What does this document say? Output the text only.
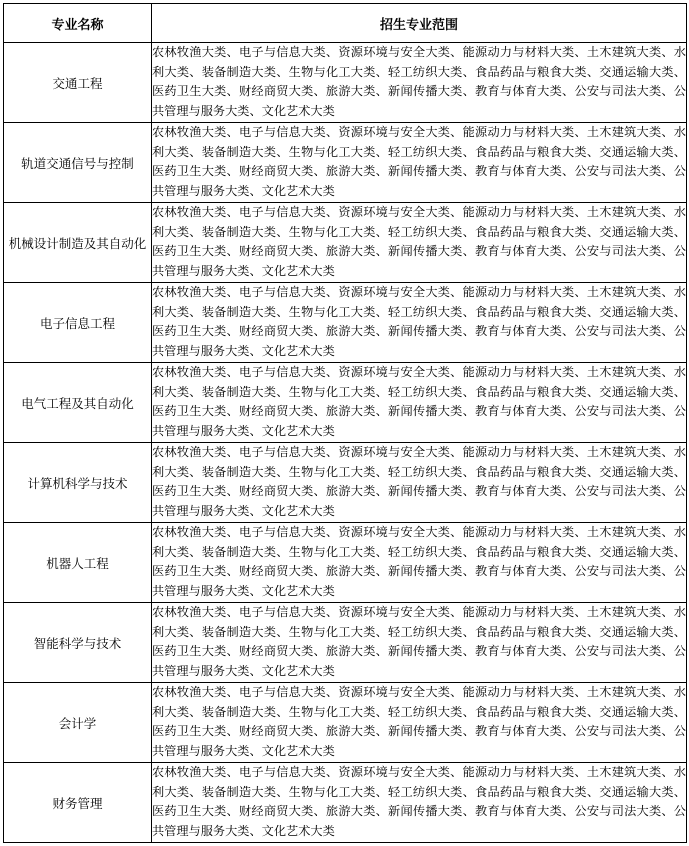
专业名称	招生专业范围
交通工程	农林牧渔大类、电子与信息大类、资源环境与安全大类、能源动力与材料大类、土木建筑大类、水利大类、装备制造大类、生物与化工大类、轻工纺织大类、食品药品与粮食大类、交通运输大类、医药卫生大类、财经商贸大类、旅游大类、新闻传播大类、教育与体育大类、公安与司法大类、公共管理与服务大类、文化艺术大类
轨道交通信号与控制	农林牧渔大类、电子与信息大类、资源环境与安全大类、能源动力与材料大类、土木建筑大类、水利大类、装备制造大类、生物与化工大类、轻工纺织大类、食品药品与粮食大类、交通运输大类、医药卫生大类、财经商贸大类、旅游大类、新闻传播大类、教育与体育大类、公安与司法大类、公共管理与服务大类、文化艺术大类
机械设计制造及其自动化	农林牧渔大类、电子与信息大类、资源环境与安全大类、能源动力与材料大类、土木建筑大类、水利大类、装备制造大类、生物与化工大类、轻工纺织大类、食品药品与粮食大类、交通运输大类、医药卫生大类、财经商贸大类、旅游大类、新闻传播大类、教育与体育大类、公安与司法大类、公共管理与服务大类、文化艺术大类
电子信息工程	农林牧渔大类、电子与信息大类、资源环境与安全大类、能源动力与材料大类、土木建筑大类、水利大类、装备制造大类、生物与化工大类、轻工纺织大类、食品药品与粮食大类、交通运输大类、医药卫生大类、财经商贸大类、旅游大类、新闻传播大类、教育与体育大类、公安与司法大类、公共管理与服务大类、文化艺术大类
电气工程及其自动化	农林牧渔大类、电子与信息大类、资源环境与安全大类、能源动力与材料大类、土木建筑大类、水利大类、装备制造大类、生物与化工大类、轻工纺织大类、食品药品与粮食大类、交通运输大类、医药卫生大类、财经商贸大类、旅游大类、新闻传播大类、教育与体育大类、公安与司法大类、公共管理与服务大类、文化艺术大类
计算机科学与技术	农林牧渔大类、电子与信息大类、资源环境与安全大类、能源动力与材料大类、土木建筑大类、水利大类、装备制造大类、生物与化工大类、轻工纺织大类、食品药品与粮食大类、交通运输大类、医药卫生大类、财经商贸大类、旅游大类、新闻传播大类、教育与体育大类、公安与司法大类、公共管理与服务大类、文化艺术大类
机器人工程	农林牧渔大类、电子与信息大类、资源环境与安全大类、能源动力与材料大类、土木建筑大类、水利大类、装备制造大类、生物与化工大类、轻工纺织大类、食品药品与粮食大类、交通运输大类、医药卫生大类、财经商贸大类、旅游大类、新闻传播大类、教育与体育大类、公安与司法大类、公共管理与服务大类、文化艺术大类
智能科学与技术	农林牧渔大类、电子与信息大类、资源环境与安全大类、能源动力与材料大类、土木建筑大类、水利大类、装备制造大类、生物与化工大类、轻工纺织大类、食品药品与粮食大类、交通运输大类、医药卫生大类、财经商贸大类、旅游大类、新闻传播大类、教育与体育大类、公安与司法大类、公共管理与服务大类、文化艺术大类
会计学	农林牧渔大类、电子与信息大类、资源环境与安全大类、能源动力与材料大类、土木建筑大类、水利大类、装备制造大类、生物与化工大类、轻工纺织大类、食品药品与粮食大类、交通运输大类、医药卫生大类、财经商贸大类、旅游大类、新闻传播大类、教育与体育大类、公安与司法大类、公共管理与服务大类、文化艺术大类
财务管理	农林牧渔大类、电子与信息大类、资源环境与安全大类、能源动力与材料大类、土木建筑大类、水利大类、装备制造大类、生物与化工大类、轻工纺织大类、食品药品与粮食大类、交通运输大类、医药卫生大类、财经商贸大类、旅游大类、新闻传播大类、教育与体育大类、公安与司法大类、公共管理与服务大类、文化艺术大类
